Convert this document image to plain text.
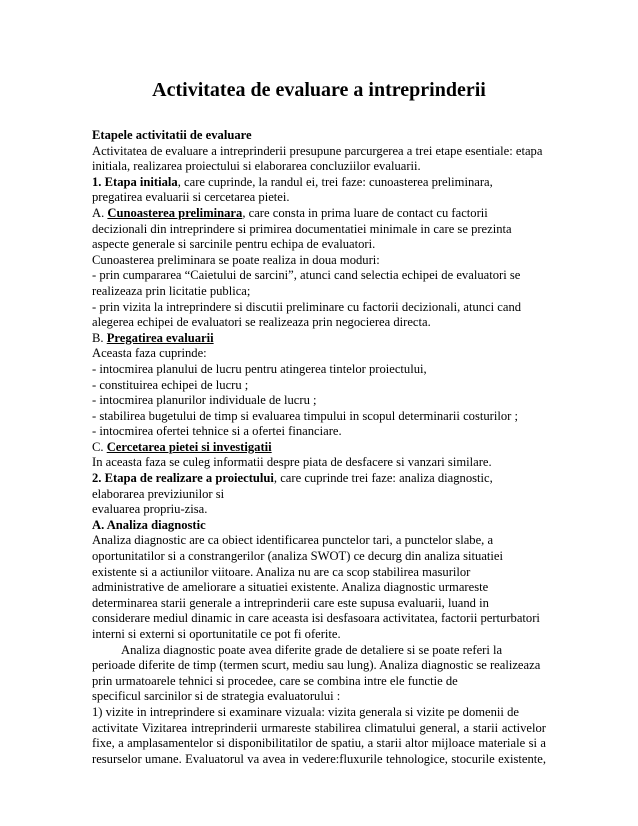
Activitatea de evaluare a intreprinderii
Etapele activitatii de evaluare
Activitatea de evaluare a intreprinderii presupune parcurgerea a trei etape esentiale: etapa
initiala, realizarea proiectului si elaborarea concluziilor evaluarii.
1. Etapa initiala, care cuprinde, la randul ei, trei faze: cunoasterea preliminara,
pregatirea evaluarii si cercetarea pietei.
A. Cunoasterea preliminara, care consta in prima luare de contact cu factorii
decizionali din intreprindere si primirea documentatiei minimale in care se prezinta
aspecte generale si sarcinile pentru echipa de evaluatori.
Cunoasterea preliminara se poate realiza in doua moduri:
- prin cumpararea “Caietului de sarcini”, atunci cand selectia echipei de evaluatori se
realizeaza prin licitatie publica;
- prin vizita la intreprindere si discutii preliminare cu factorii decizionali, atunci cand
alegerea echipei de evaluatori se realizeaza prin negocierea directa.
B. Pregatirea evaluarii
Aceasta faza cuprinde:
- intocmirea planului de lucru pentru atingerea tintelor proiectului,
- constituirea echipei de lucru ;
- intocmirea planurilor individuale de lucru ;
- stabilirea bugetului de timp si evaluarea timpului in scopul determinarii costurilor ;
- intocmirea ofertei tehnice si a ofertei financiare.
C. Cercetarea pietei si investigatii
In aceasta faza se culeg informatii despre piata de desfacere si vanzari similare.
2. Etapa de realizare a proiectului, care cuprinde trei faze: analiza diagnostic,
elaborarea previziunilor si
evaluarea propriu-zisa.
A. Analiza diagnostic
Analiza diagnostic are ca obiect identificarea punctelor tari, a punctelor slabe, a
oportunitatilor si a constrangerilor (analiza SWOT) ce decurg din analiza situatiei
existente si a actiunilor viitoare. Analiza nu are ca scop stabilirea masurilor
administrative de ameliorare a situatiei existente. Analiza diagnostic urmareste
determinarea starii generale a intreprinderii care este supusa evaluarii, luand in
considerare mediul dinamic in care aceasta isi desfasoara activitatea, factorii perturbatori
interni si externi si oportunitatile ce pot fi oferite.
Analiza diagnostic poate avea diferite grade de detaliere si se poate referi la
perioade diferite de timp (termen scurt, mediu sau lung). Analiza diagnostic se realizeaza
prin urmatoarele tehnici si procedee, care se combina intre ele functie de
specificul sarcinilor si de strategia evaluatorului :
1) vizite in intreprindere si examinare vizuala: vizita generala si vizite pe domenii de
activitate Vizitarea intreprinderii urmareste stabilirea climatului general, a starii activelor
fixe, a amplasamentelor si disponibilitatilor de spatiu, a starii altor mijloace materiale si a
resurselor umane. Evaluatorul va avea in vedere:fluxurile tehnologice, stocurile existente,
